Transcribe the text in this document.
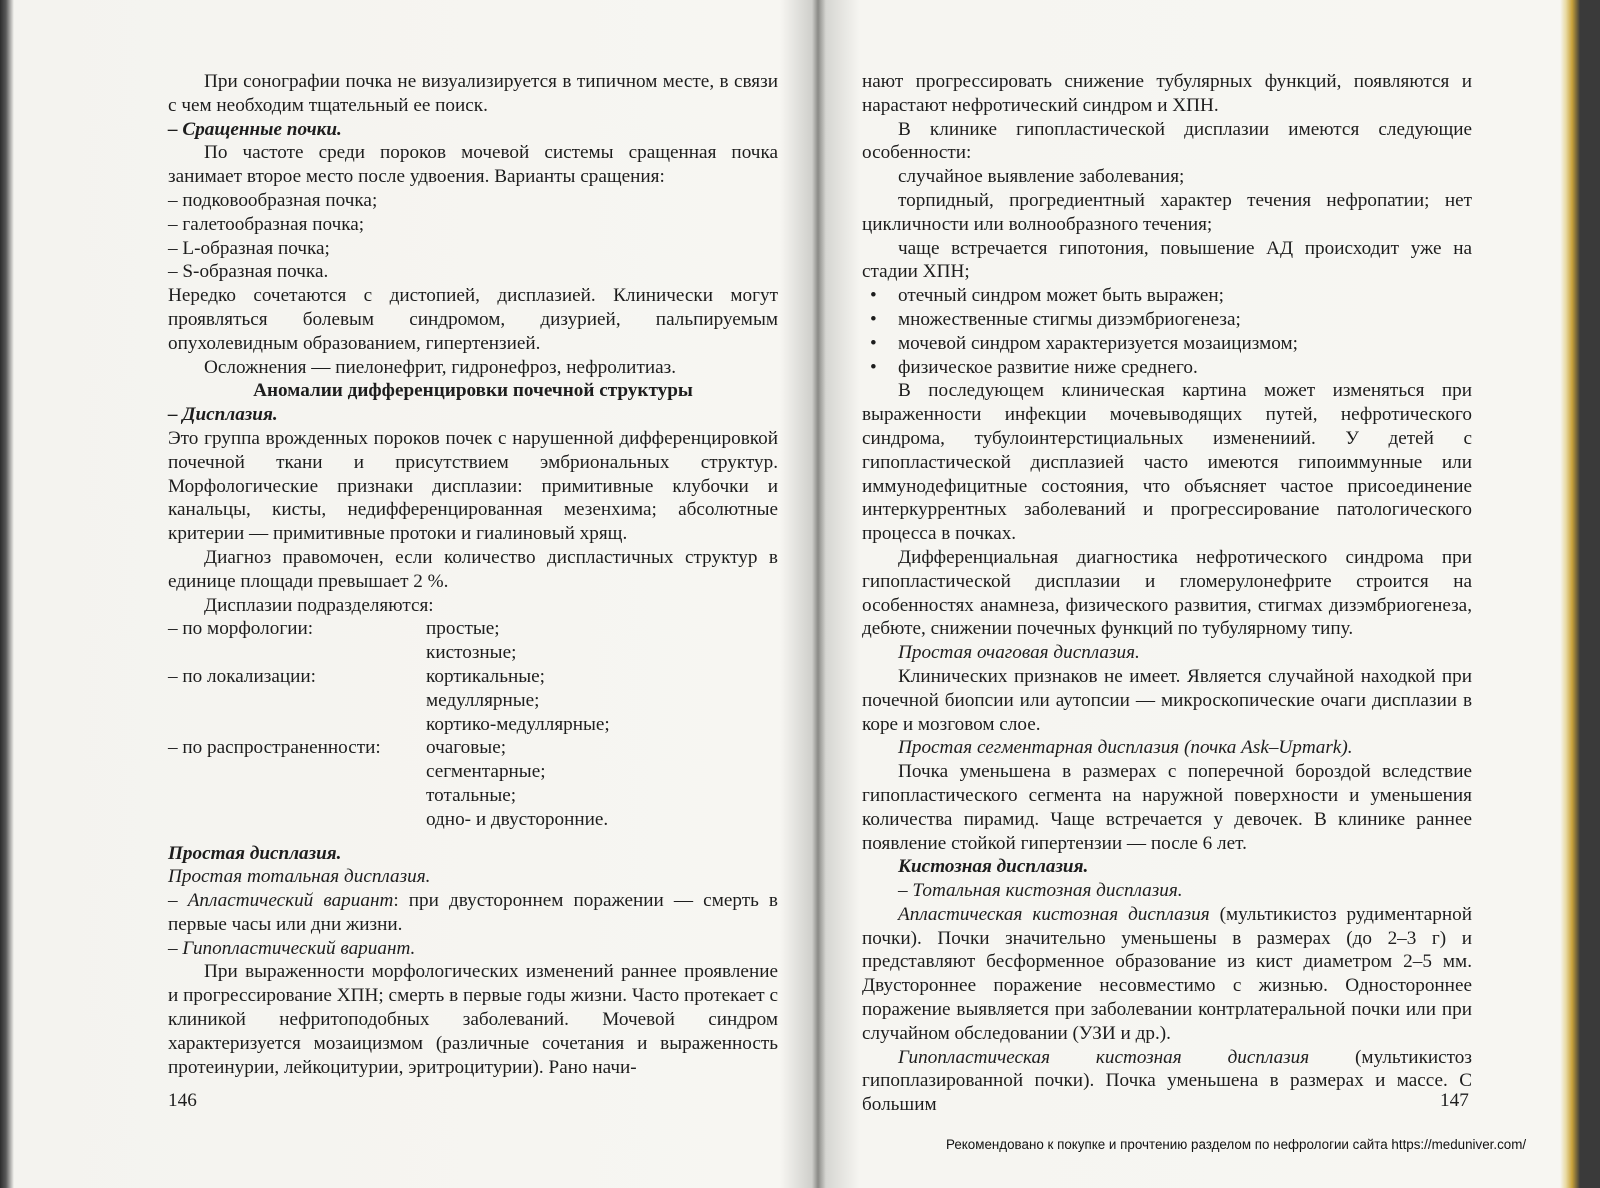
При сонографии почка не визуализируется в типичном месте, в связи с чем необходим тщательный ее поиск.

– Сращенные почки.

По частоте среди пороков мочевой системы сращенная почка занимает второе место после удвоения. Варианты сращения:

– подковообразная почка;

– галетообразная почка;

– L-образная почка;

– S-образная почка.

Нередко сочетаются с дистопией, дисплазией. Клинически могут проявляться болевым синдромом, дизурией, пальпируемым опухолевидным образованием, гипертензией.

Осложнения — пиелонефрит, гидронефроз, нефролитиаз.

Аномалии дифференцировки почечной структуры

– Дисплазия.

Это группа врожденных пороков почек с нарушенной дифференцировкой почечной ткани и присутствием эмбриональных структур. Морфологические признаки дисплазии: примитивные клубочки и канальцы, кисты, недифференцированная мезенхима; абсолютные критерии — примитивные протоки и гиалиновый хрящ.

Диагноз правомочен, если количество диспластичных структур в единице площади превышает 2 %.

Дисплазии подразделяются:

– по морфологии:	простые;
кистозные;
– по локализации:	кортикальные;
медуллярные;
кортико-медуллярные;
– по распространенности:	очаговые;
сегментарные;
тотальные;
одно- и двусторонние.

Простая дисплазия.

Простая тотальная дисплазия.

– Апластический вариант: при двустороннем поражении — смерть в первые часы или дни жизни.

– Гипопластический вариант.

При выраженности морфологических изменений раннее проявление и прогрессирование ХПН; смерть в первые годы жизни. Часто протекает с клиникой нефритоподобных заболеваний. Мочевой синдром характеризуется мозаицизмом (различные сочетания и выраженность протеинурии, лейкоцитурии, эритроцитурии). Рано начи-

146

нают прогрессировать снижение тубулярных функций, появляются и нарастают нефротический синдром и ХПН.

В клинике гипопластической дисплазии имеются следующие особенности:

случайное выявление заболевания;

торпидный, прогредиентный характер течения нефропатии; нет цикличности или волнообразного течения;

чаще встречается гипотония, повышение АД происходит уже на стадии ХПН;

• отечный синдром может быть выражен;
• множественные стигмы дизэмбриогенеза;
• мочевой синдром характеризуется мозаицизмом;
• физическое развитие ниже среднего.

В последующем клиническая картина может изменяться при выраженности инфекции мочевыводящих путей, нефротического синдрома, тубулоинтерстициальных изменениий. У детей с гипопластической дисплазией часто имеются гипоиммунные или иммунодефицитные состояния, что объясняет частое присоединение интеркуррентных заболеваний и прогрессирование патологического процесса в почках.

Дифференциальная диагностика нефротического синдрома при гипопластической дисплазии и гломерулонефрите строится на особенностях анамнеза, физического развития, стигмах дизэмбриогенеза, дебюте, снижении почечных функций по тубулярному типу.

Простая очаговая дисплазия.

Клинических признаков не имеет. Является случайной находкой при почечной биопсии или аутопсии — микроскопические очаги дисплазии в коре и мозговом слое.

Простая сегментарная дисплазия (почка Ask–Upmark).

Почка уменьшена в размерах с поперечной бороздой вследствие гипопластического сегмента на наружной поверхности и уменьшения количества пирамид. Чаще встречается у девочек. В клинике раннее появление стойкой гипертензии — после 6 лет.

Кистозная дисплазия.

– Тотальная кистозная дисплазия.

Апластическая кистозная дисплазия (мультикистоз рудиментарной почки). Почки значительно уменьшены в размерах (до 2–3 г) и представляют бесформенное образование из кист диаметром 2–5 мм. Двустороннее поражение несовместимо с жизнью. Одностороннее поражение выявляется при заболевании контрлатеральной почки или при случайном обследовании (УЗИ и др.).

Гипопластическая кистозная дисплазия (мультикистоз гипоплазированной почки). Почка уменьшена в размерах и массе. С большим	147
Рекомендовано к покупке и прочтению разделом по нефрологии сайта https://meduniver.com/
